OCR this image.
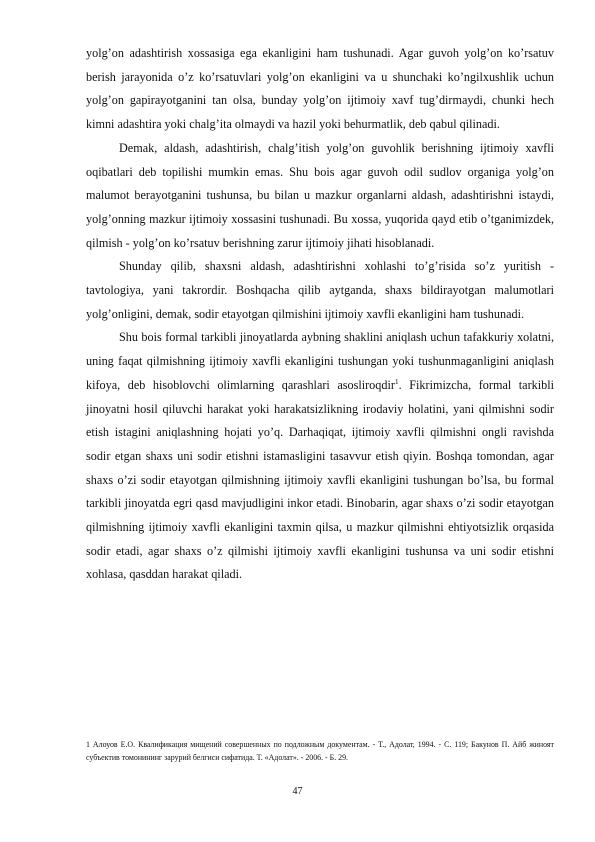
yolg’on adashtirish xossasiga ega ekanligini ham tushunadi. Agar guvoh yolg’on ko’rsatuv berish jarayonida o’z ko’rsatuvlari yolg’on ekanligini va u shunchaki ko’ngilxushlik uchun yolg’on gapirayotganini tan olsa, bunday yolg’on ijtimoiy xavf tug’dirmaydi, chunki hech kimni adashtira yoki chalg’ita olmaydi va hazil yoki behurmatlik, deb qabul qilinadi.

Demak, aldash, adashtirish, chalg’itish yolg’on guvohlik berishning ijtimoiy xavfli oqibatlari deb topilishi mumkin emas. Shu bois agar guvoh odil sudlov organiga yolg’on malumot berayotganini tushunsa, bu bilan u mazkur organlarni aldash, adashtirishni istaydi, yolg’onning mazkur ijtimoiy xossasini tushunadi. Bu xossa, yuqorida qayd etib o’tganimizdek, qilmish - yolg’on ko’rsatuv berishning zarur ijtimoiy jihati hisoblanadi.

Shunday qilib, shaxsni aldash, adashtirishni xohlashi to’g’risida so’z yuritish - tavtologiya, yani takrordir. Boshqacha qilib aytganda, shaxs bildirayotgan malumotlari yolg’onligini, demak, sodir etayotgan qilmishini ijtimoiy xavfli ekanligini ham tushunadi.

Shu bois formal tarkibli jinoyatlarda aybning shaklini aniqlash uchun tafakkuriy xolatni, uning faqat qilmishning ijtimoiy xavfli ekanligini tushungan yoki tushunmaganligini aniqlash kifoya, deb hisoblovchi olimlarning qarashlari asosliroqdir$^1$. Fikrimizcha, formal tarkibli jinoyatni hosil qiluvchi harakat yoki harakatsizlikning irodaviy holatini, yani qilmishni sodir etish istagini aniqlashning hojati yo’q. Darhaqiqat, ijtimoiy xavfli qilmishni ongli ravishda sodir etgan shaxs uni sodir etishni istamasligini tasavvur etish qiyin. Boshqa tomondan, agar shaxs o’zi sodir etayotgan qilmishning ijtimoiy xavfli ekanligini tushungan bo’lsa, bu formal tarkibli jinoyatda egri qasd mavjudligini inkor etadi. Binobarin, agar shaxs o’zi sodir etayotgan qilmishning ijtimoiy xavfli ekanligini taxmin qilsa, u mazkur qilmishni ehtiyotsizlik orqasida sodir etadi, agar shaxs o’z qilmishi ijtimoiy xavfli ekanligini tushunsa va uni sodir etishni xohlasa, qasddan harakat qiladi.

1 Алоуов Е.О. Квалификация мищений совершенных по подложным документам. - Т., Адолат, 1994. - С. 119; Бакунов П. Айб жиноят субъектив томонининг зарурий белгиси сифатида. Т. «Адолат». - 2006. - Б. 29.
47
